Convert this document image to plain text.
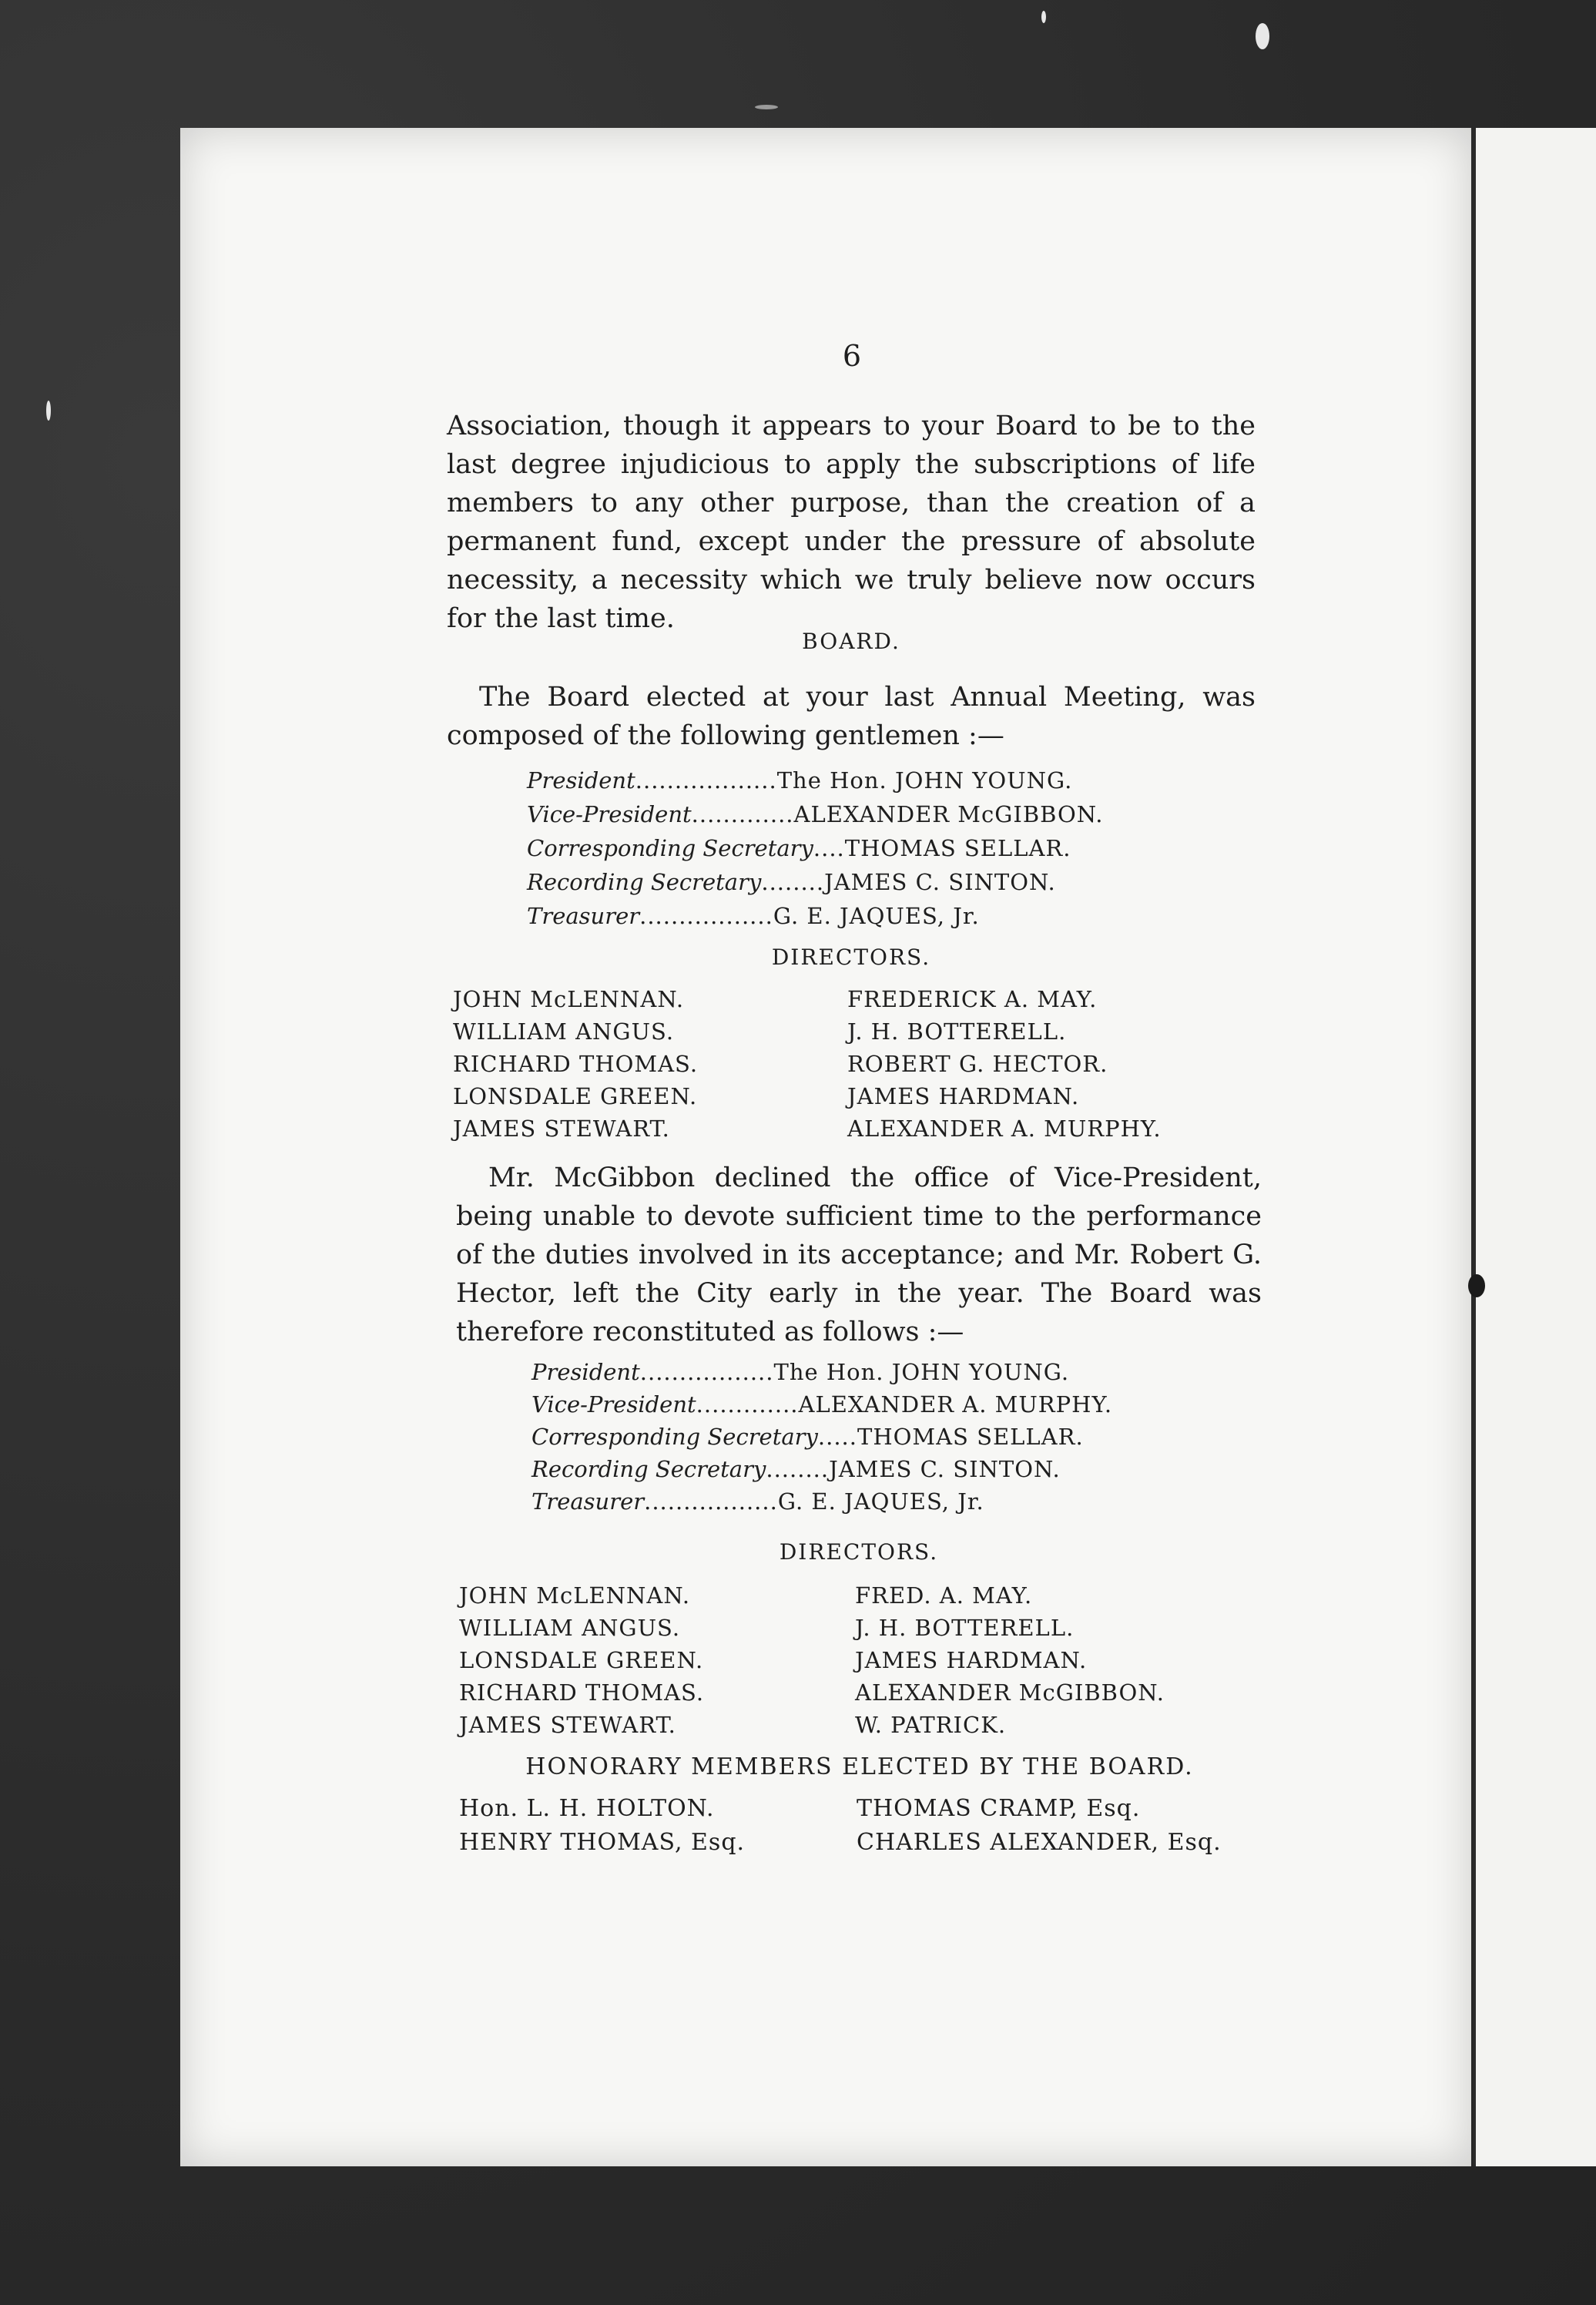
6

Association, though it appears to your Board to be to the last degree injudicious to apply the subscriptions of life members to any other purpose, than the creation of a permanent fund, except under the pressure of absolute necessity, a necessity which we truly believe now occurs for the last time.

BOARD.

The Board elected at your last Annual Meeting, was composed of the following gentlemen :—

President..................The Hon. JOHN YOUNG.
Vice-President.............ALEXANDER McGIBBON.
Corresponding Secretary....THOMAS SELLAR.
Recording Secretary........JAMES C. SINTON.
Treasurer.................G. E. JAQUES, Jr.
DIRECTORS.
JOHN McLENNAN.
WILLIAM ANGUS.
RICHARD THOMAS.
LONSDALE GREEN.
JAMES STEWART.
FREDERICK A. MAY.
J. H. BOTTERELL.
ROBERT G. HECTOR.
JAMES HARDMAN.
ALEXANDER A. MURPHY.

Mr. McGibbon declined the office of Vice-President, being unable to devote sufficient time to the performance of the duties involved in its acceptance; and Mr. Robert G. Hector, left the City early in the year. The Board was therefore reconstituted as follows :—

President.................The Hon. JOHN YOUNG.
Vice-President.............ALEXANDER A. MURPHY.
Corresponding Secretary.....THOMAS SELLAR.
Recording Secretary........JAMES C. SINTON.
Treasurer.................G. E. JAQUES, Jr.
DIRECTORS.
JOHN McLENNAN.
WILLIAM ANGUS.
LONSDALE GREEN.
RICHARD THOMAS.
JAMES STEWART.
FRED. A. MAY.
J. H. BOTTERELL.
JAMES HARDMAN.
ALEXANDER McGIBBON.
W. PATRICK.
HONORARY MEMBERS ELECTED BY THE BOARD.
Hon. L. H. HOLTON.
HENRY THOMAS, Esq.
THOMAS CRAMP, Esq.
CHARLES ALEXANDER, Esq.
